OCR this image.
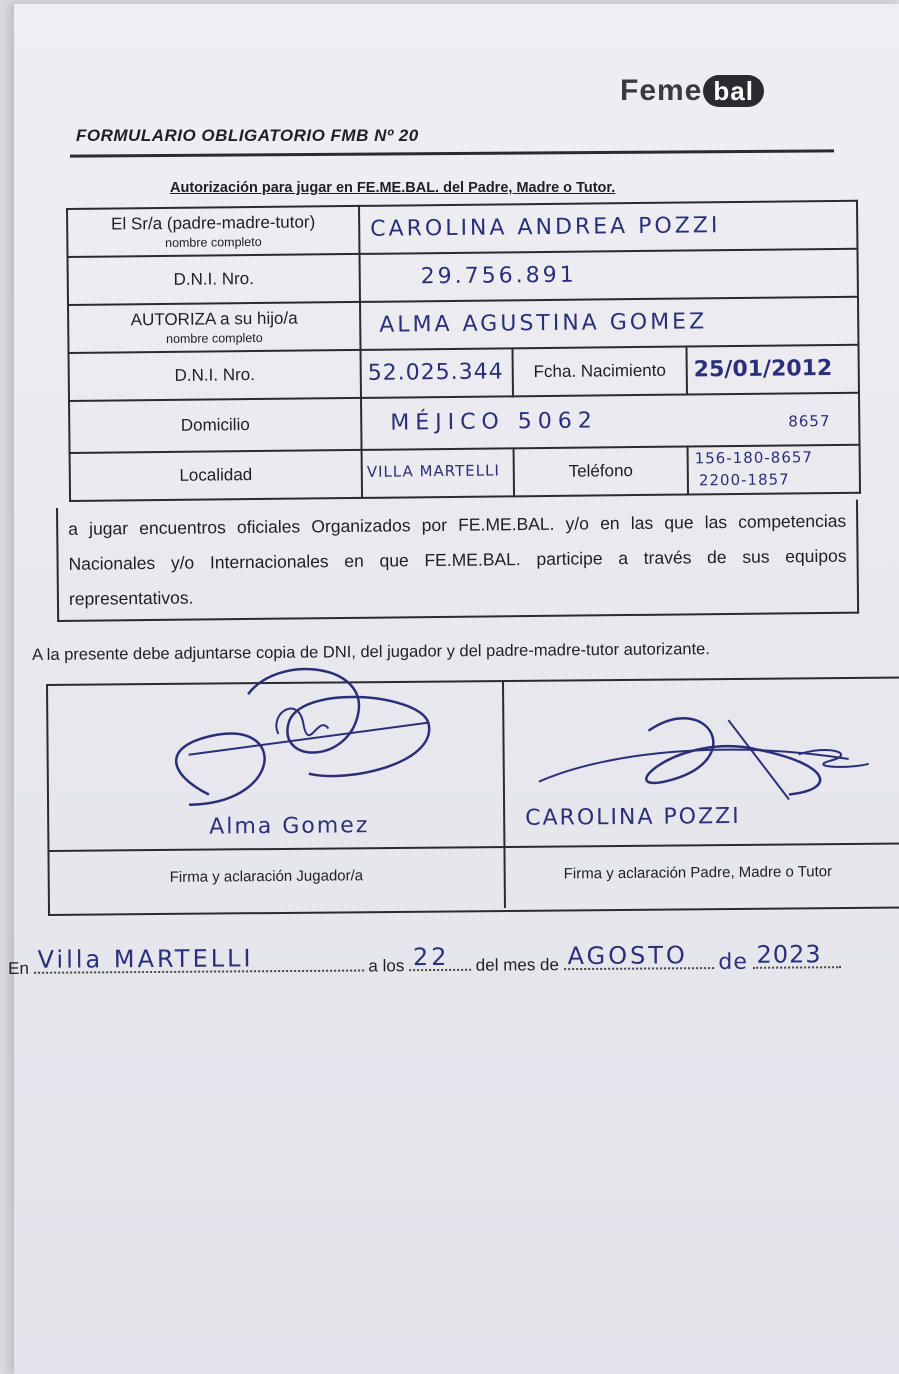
Feme bal
FORMULARIO OBLIGATORIO FMB Nº 20
Autorización para jugar en FE.ME.BAL. del Padre, Madre o Tutor.
El Sr/a (padre-madre-tutor)
nombre completo	CAROLINA ANDREA POZZI		

D.N.I. Nro.	29.756.891		

AUTORIZA a su hijo/a
nombre completo	ALMA AGUSTINA GOMEZ		

D.N.I. Nro.	52.025.344	Fcha. Nacimiento	25/01/2012

Domicilio	MÉJICO 5062 8657		

Localidad	VILLA MARTELLI	Teléfono	156-180-8657
2200-1857
a jugar encuentros oficiales Organizados por FE.ME.BAL. y/o en las que las competencias Nacionales y/o Internacionales en que FE.ME.BAL. participe a través de sus equipos representativos.
A la presente debe adjuntarse copia de DNI, del jugador y del padre-madre-tutor autorizante.
Alma Gomez	CAROLINA POZZI
Firma y aclaración Jugador/a	Firma y aclaración Padre, Madre o Tutor
En Villa MARTELLI	a los 22 del mes de AGOSTO de 2023
